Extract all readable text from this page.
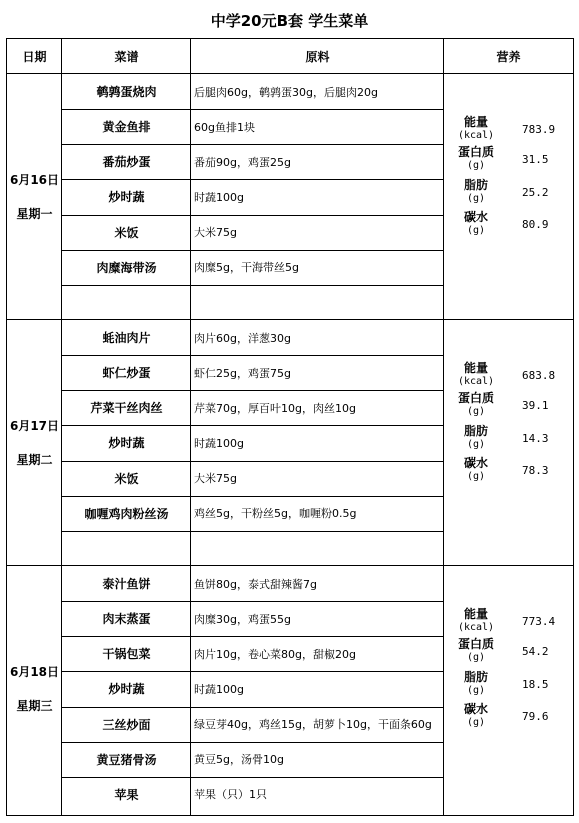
中学20元B套 学生菜单
日期	菜谱	原料	营养
6月16日
星期一
鹌鹑蛋烧肉	后腿肉60g，鹌鹑蛋30g，后腿肉20g
黄金鱼排	60g鱼排1块
番茄炒蛋	番茄90g，鸡蛋25g
炒时蔬	时蔬100g
米饭	大米75g
肉糜海带汤	肉糜5g，干海带丝5g
能量
(kcal)	783.9
蛋白质
(g)	31.5
脂肪
(g)	25.2
碳水
(g)	80.9
6月17日
星期二
蚝油肉片	肉片60g，洋葱30g
虾仁炒蛋	虾仁25g，鸡蛋75g
芹菜干丝肉丝	芹菜70g，厚百叶10g，肉丝10g
炒时蔬	时蔬100g
米饭	大米75g
咖喱鸡肉粉丝汤	鸡丝5g，干粉丝5g，咖喱粉0.5g
能量
(kcal)	683.8
蛋白质
(g)	39.1
脂肪
(g)	14.3
碳水
(g)	78.3
6月18日
星期三
泰汁鱼饼	鱼饼80g，泰式甜辣酱7g
肉末蒸蛋	肉糜30g，鸡蛋55g
干锅包菜	肉片10g，卷心菜80g，甜椒20g
炒时蔬	时蔬100g
三丝炒面	绿豆芽40g，鸡丝15g，胡萝卜10g，干面条60g
黄豆猪骨汤	黄豆5g，汤骨10g
苹果	苹果（只）1只
能量
(kcal)	773.4
蛋白质
(g)	54.2
脂肪
(g)	18.5
碳水
(g)	79.6
